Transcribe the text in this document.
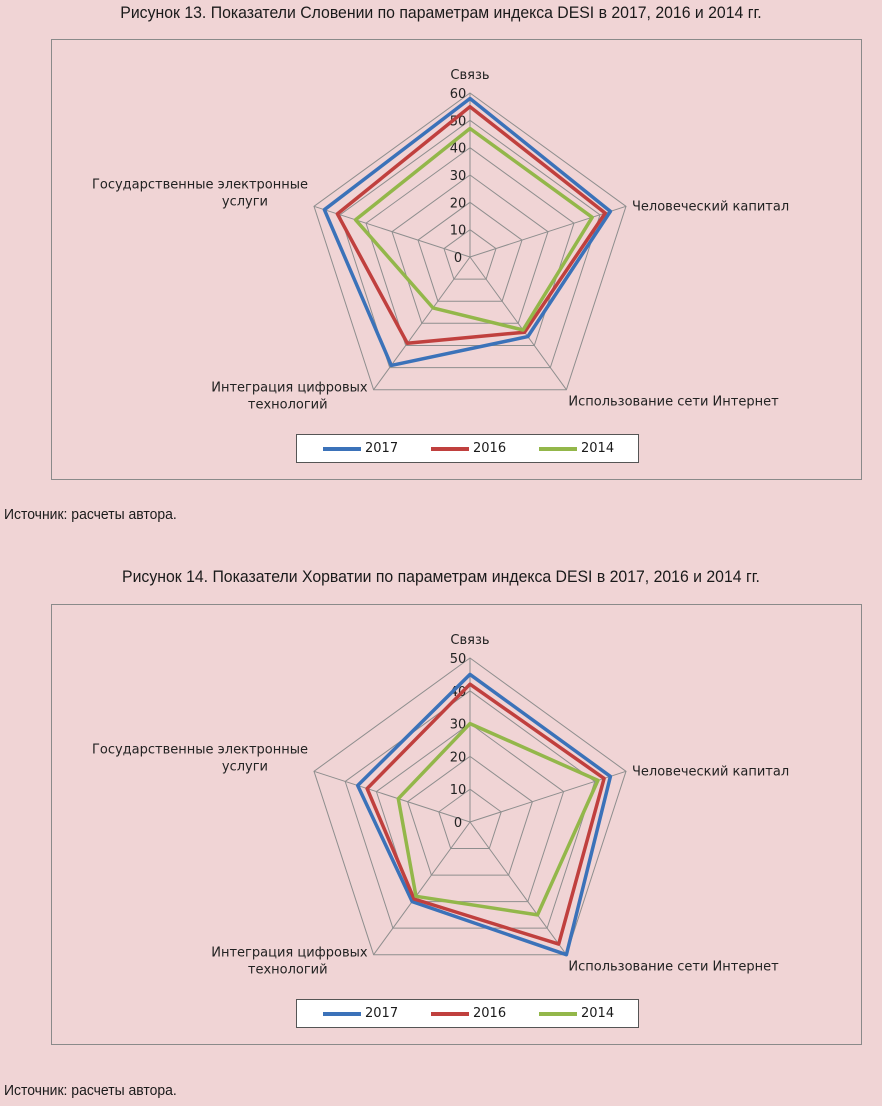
Рисунок 13. Показатели Словении по параметрам индекса DESI в 2017, 2016 и 2014 гг.
0
10
20
30
40
50
60
Связь
Человеческий капитал
Использование сети Интернет
Интеграция цифровых технологий
Государственные электронные услуги
2017	2016	2014
Источник: расчеты автора.
Рисунок 14. Показатели Хорватии по параметрам индекса DESI в 2017, 2016 и 2014 гг.
0
10
20
30
40
50
Связь
Человеческий капитал
Использование сети Интернет
Интеграция цифровых технологий
Государственные электронные услуги
2017	2016	2014
Источник: расчеты автора.
